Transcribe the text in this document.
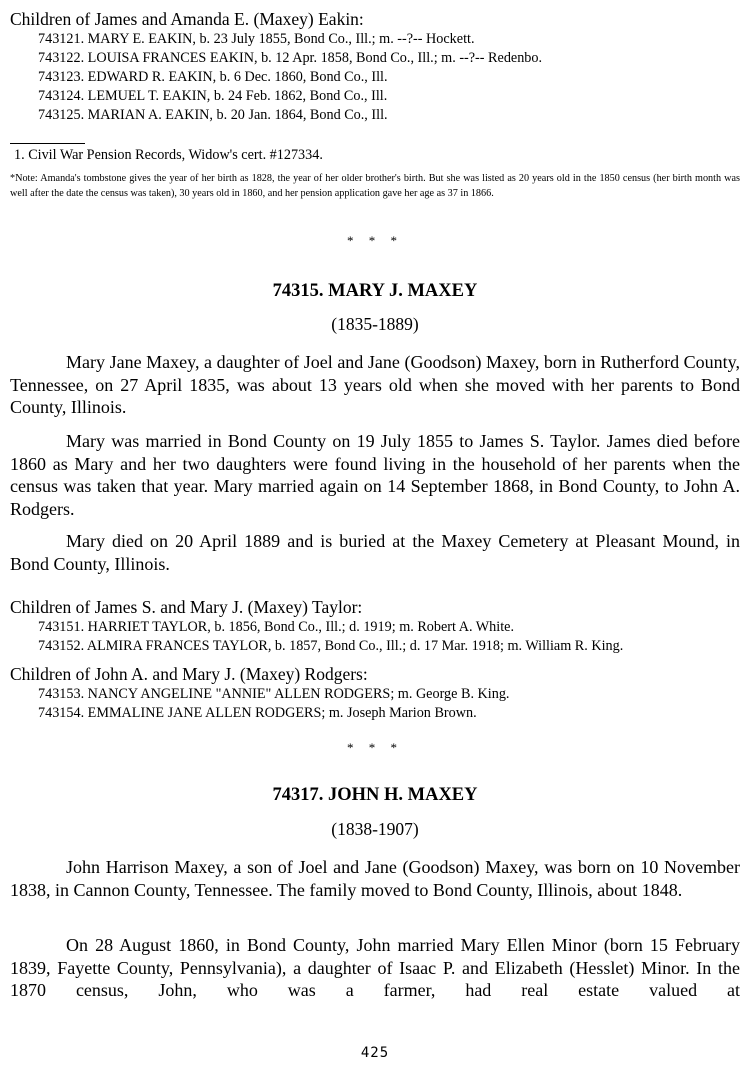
Children of James and Amanda E. (Maxey) Eakin:
743121. MARY E. EAKIN, b. 23 July 1855, Bond Co., Ill.; m. --?-- Hockett.
743122. LOUISA FRANCES EAKIN, b. 12 Apr. 1858, Bond Co., Ill.; m. --?-- Redenbo.
743123. EDWARD R. EAKIN, b. 6 Dec. 1860, Bond Co., Ill.
743124. LEMUEL T. EAKIN, b. 24 Feb. 1862, Bond Co., Ill.
743125. MARIAN A. EAKIN, b. 20 Jan. 1864, Bond Co., Ill.
1. Civil War Pension Records, Widow's cert. #127334.
*Note: Amanda's tombstone gives the year of her birth as 1828, the year of her older brother's birth. But she was listed as 20 years old in the 1850 census (her birth month was well after the date the census was taken), 30 years old in 1860, and her pension application gave her age as 37 in 1866.
* * *
74315. MARY J. MAXEY
(1835-1889)
Mary Jane Maxey, a daughter of Joel and Jane (Goodson) Maxey, born in Rutherford County, Tennessee, on 27 April 1835, was about 13 years old when she moved with her parents to Bond County, Illinois.
Mary was married in Bond County on 19 July 1855 to James S. Taylor. James died before 1860 as Mary and her two daughters were found living in the household of her parents when the census was taken that year. Mary married again on 14 September 1868, in Bond County, to John A. Rodgers.
Mary died on 20 April 1889 and is buried at the Maxey Cemetery at Pleasant Mound, in Bond County, Illinois.
Children of James S. and Mary J. (Maxey) Taylor:
743151. HARRIET TAYLOR, b. 1856, Bond Co., Ill.; d. 1919; m. Robert A. White.
743152. ALMIRA FRANCES TAYLOR, b. 1857, Bond Co., Ill.; d. 17 Mar. 1918; m. William R. King.
Children of John A. and Mary J. (Maxey) Rodgers:
743153. NANCY ANGELINE "ANNIE" ALLEN RODGERS; m. George B. King.
743154. EMMALINE JANE ALLEN RODGERS; m. Joseph Marion Brown.
* * *
74317. JOHN H. MAXEY
(1838-1907)
John Harrison Maxey, a son of Joel and Jane (Goodson) Maxey, was born on 10 November 1838, in Cannon County, Tennessee. The family moved to Bond County, Illinois, about 1848.
On 28 August 1860, in Bond County, John married Mary Ellen Minor (born 15 February 1839, Fayette County, Pennsylvania), a daughter of Isaac P. and Elizabeth (Hesslet) Minor. In the 1870 census, John, who was a farmer, had real estate valued at
425
